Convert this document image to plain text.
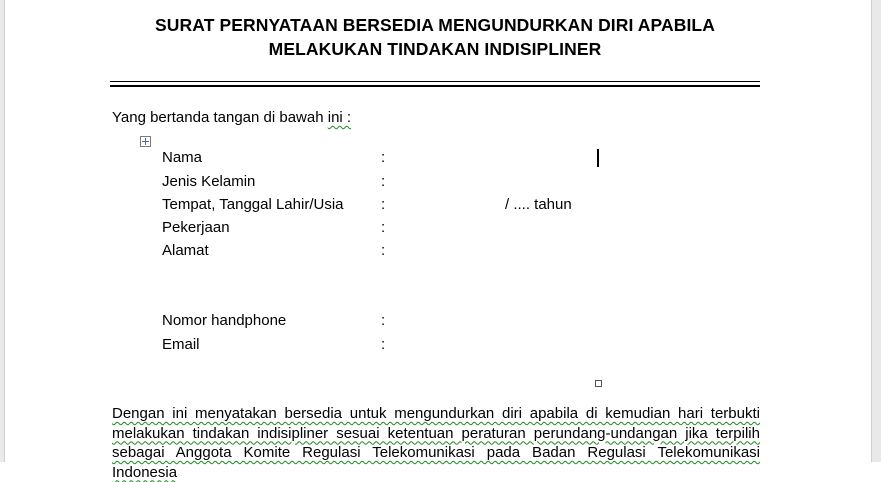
SURAT PERNYATAAN BERSEDIA MENGUNDURKAN DIRI APABILA
MELAKUKAN TINDAKAN INDISIPLINER
Yang bertanda tangan di bawah ini :
Nama	:
Jenis Kelamin	:
Tempat, Tanggal Lahir/Usia	:	/ .... tahun
Pekerjaan	:
Alamat	:
Nomor handphone	:
Email	:
Dengan ini menyatakan bersedia untuk mengundurkan diri apabila di kemudian hari terbukti
melakukan tindakan indisipliner sesuai ketentuan peraturan perundang-undangan jika terpilih
sebagai Anggota Komite Regulasi Telekomunikasi pada Badan Regulasi Telekomunikasi Indonesia
